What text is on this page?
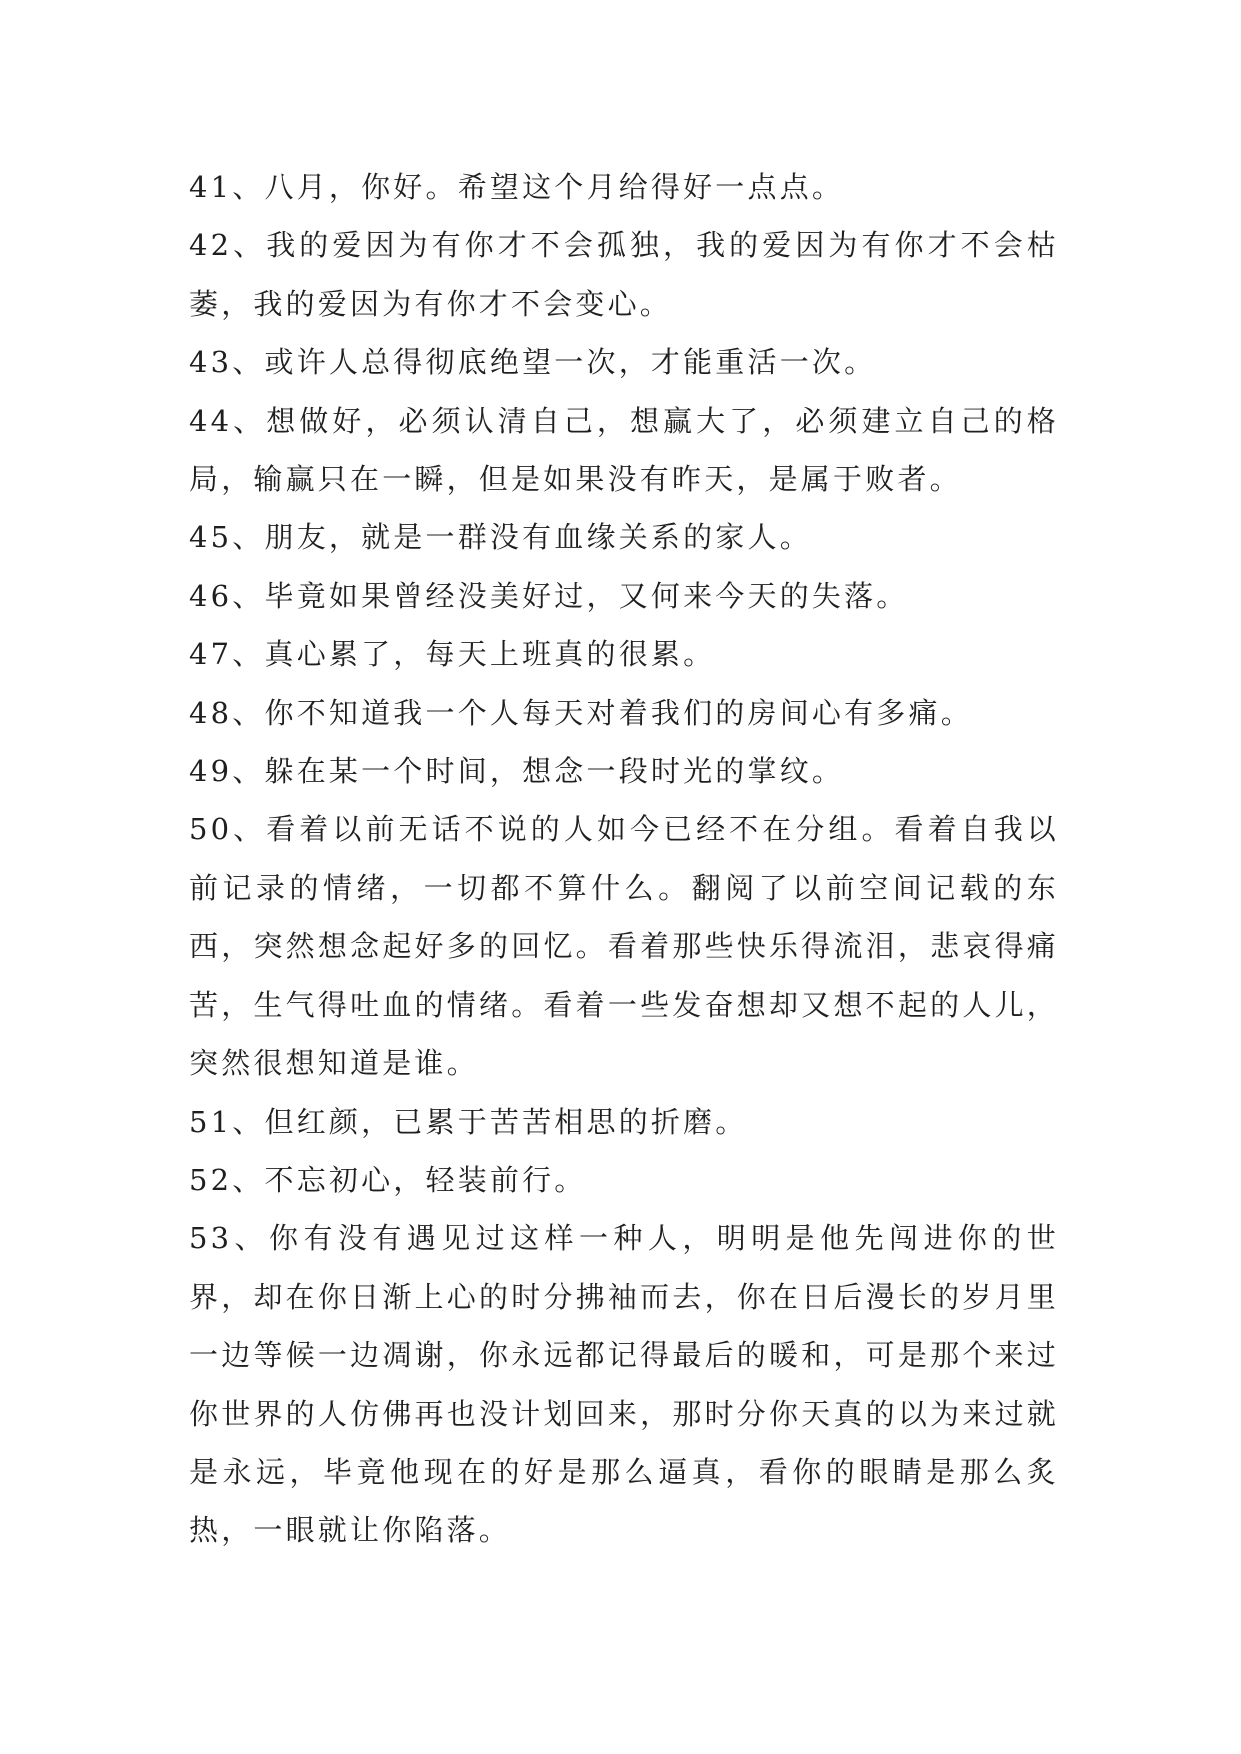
41、八月，你好。希望这个月给得好一点点。

42、我的爱因为有你才不会孤独，我的爱因为有你才不会枯萎，我的爱因为有你才不会变心。

43、或许人总得彻底绝望一次，才能重活一次。

44、想做好，必须认清自己，想赢大了，必须建立自己的格局，输赢只在一瞬，但是如果没有昨天，是属于败者。

45、朋友，就是一群没有血缘关系的家人。

46、毕竟如果曾经没美好过，又何来今天的失落。

47、真心累了，每天上班真的很累。

48、你不知道我一个人每天对着我们的房间心有多痛。

49、躲在某一个时间，想念一段时光的掌纹。

50、看着以前无话不说的人如今已经不在分组。看着自我以前记录的情绪，一切都不算什么。翻阅了以前空间记载的东西，突然想念起好多的回忆。看着那些快乐得流泪，悲哀得痛苦，生气得吐血的情绪。看着一些发奋想却又想不起的人儿，突然很想知道是谁。

51、但红颜，已累于苦苦相思的折磨。

52、不忘初心，轻装前行。

53、你有没有遇见过这样一种人，明明是他先闯进你的世界，却在你日渐上心的时分拂袖而去，你在日后漫长的岁月里一边等候一边凋谢，你永远都记得最后的暖和，可是那个来过你世界的人仿佛再也没计划回来，那时分你天真的以为来过就是永远，毕竟他现在的好是那么逼真，看你的眼睛是那么炙热，一眼就让你陷落。
